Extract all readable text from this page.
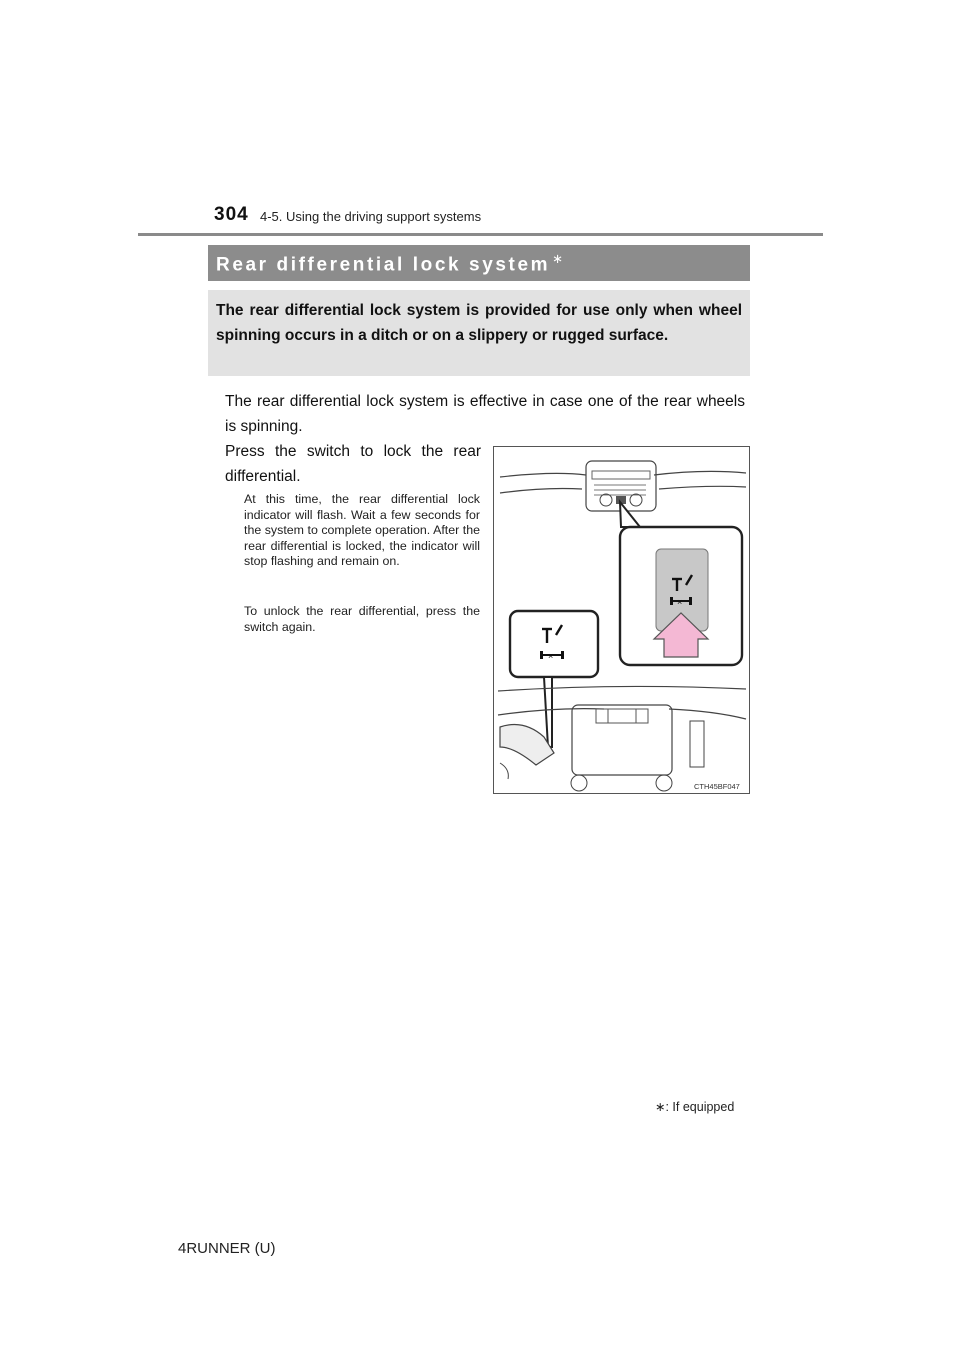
304 4-5. Using the driving support systems
Rear differential lock system ∗
The rear differential lock system is provided for use only when wheel spinning occurs in a ditch or on a slippery or rugged surface.
The rear differential lock system is effective in case one of the rear wheels is spinning.
Press the switch to lock the rear differential.
At this time, the rear differential lock indicator will flash. Wait a few seconds for the system to complete operation. After the rear differential is locked, the indicator will stop flashing and remain on.
To unlock the rear differential, press the switch again.
×
×
CTH45BF047
∗: If equipped
4RUNNER (U)
